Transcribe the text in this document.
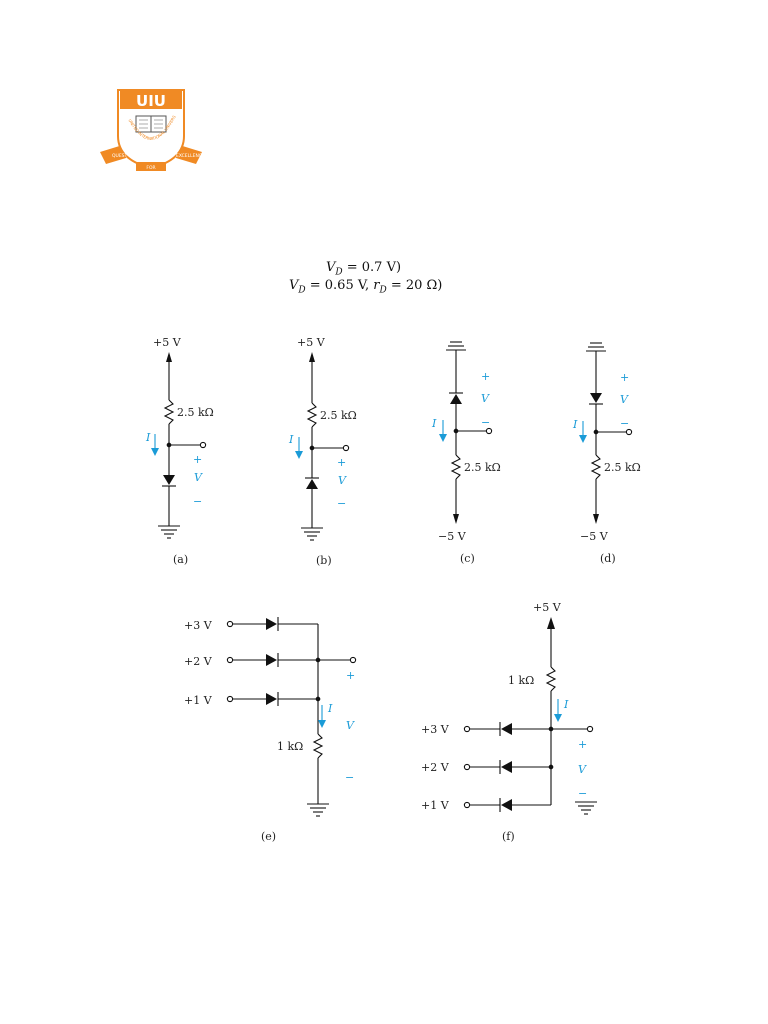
UIU
UNITED INTERNATIONAL UNIVERS
QUEST	EXCELLENCE
FOR
$V_D = 0.7$ V)
$V_D = 0.65$ V, $r_D = 20$ Ω)
+5 V
2.5 kΩ
I
+
V
−
(a)
+5 V
2.5 kΩ
I
+
V
−
(b)
2.5 kΩ
−5 V
+
V
−
I
(c)
2.5 kΩ
−5 V
+
V
−
I
(d)
+3 V
+2 V
+1 V
1 kΩ
+
V
−
I
(e)
+5 V
1 kΩ
+3 V
+2 V
+1 V
I
+
V
−
(f)
